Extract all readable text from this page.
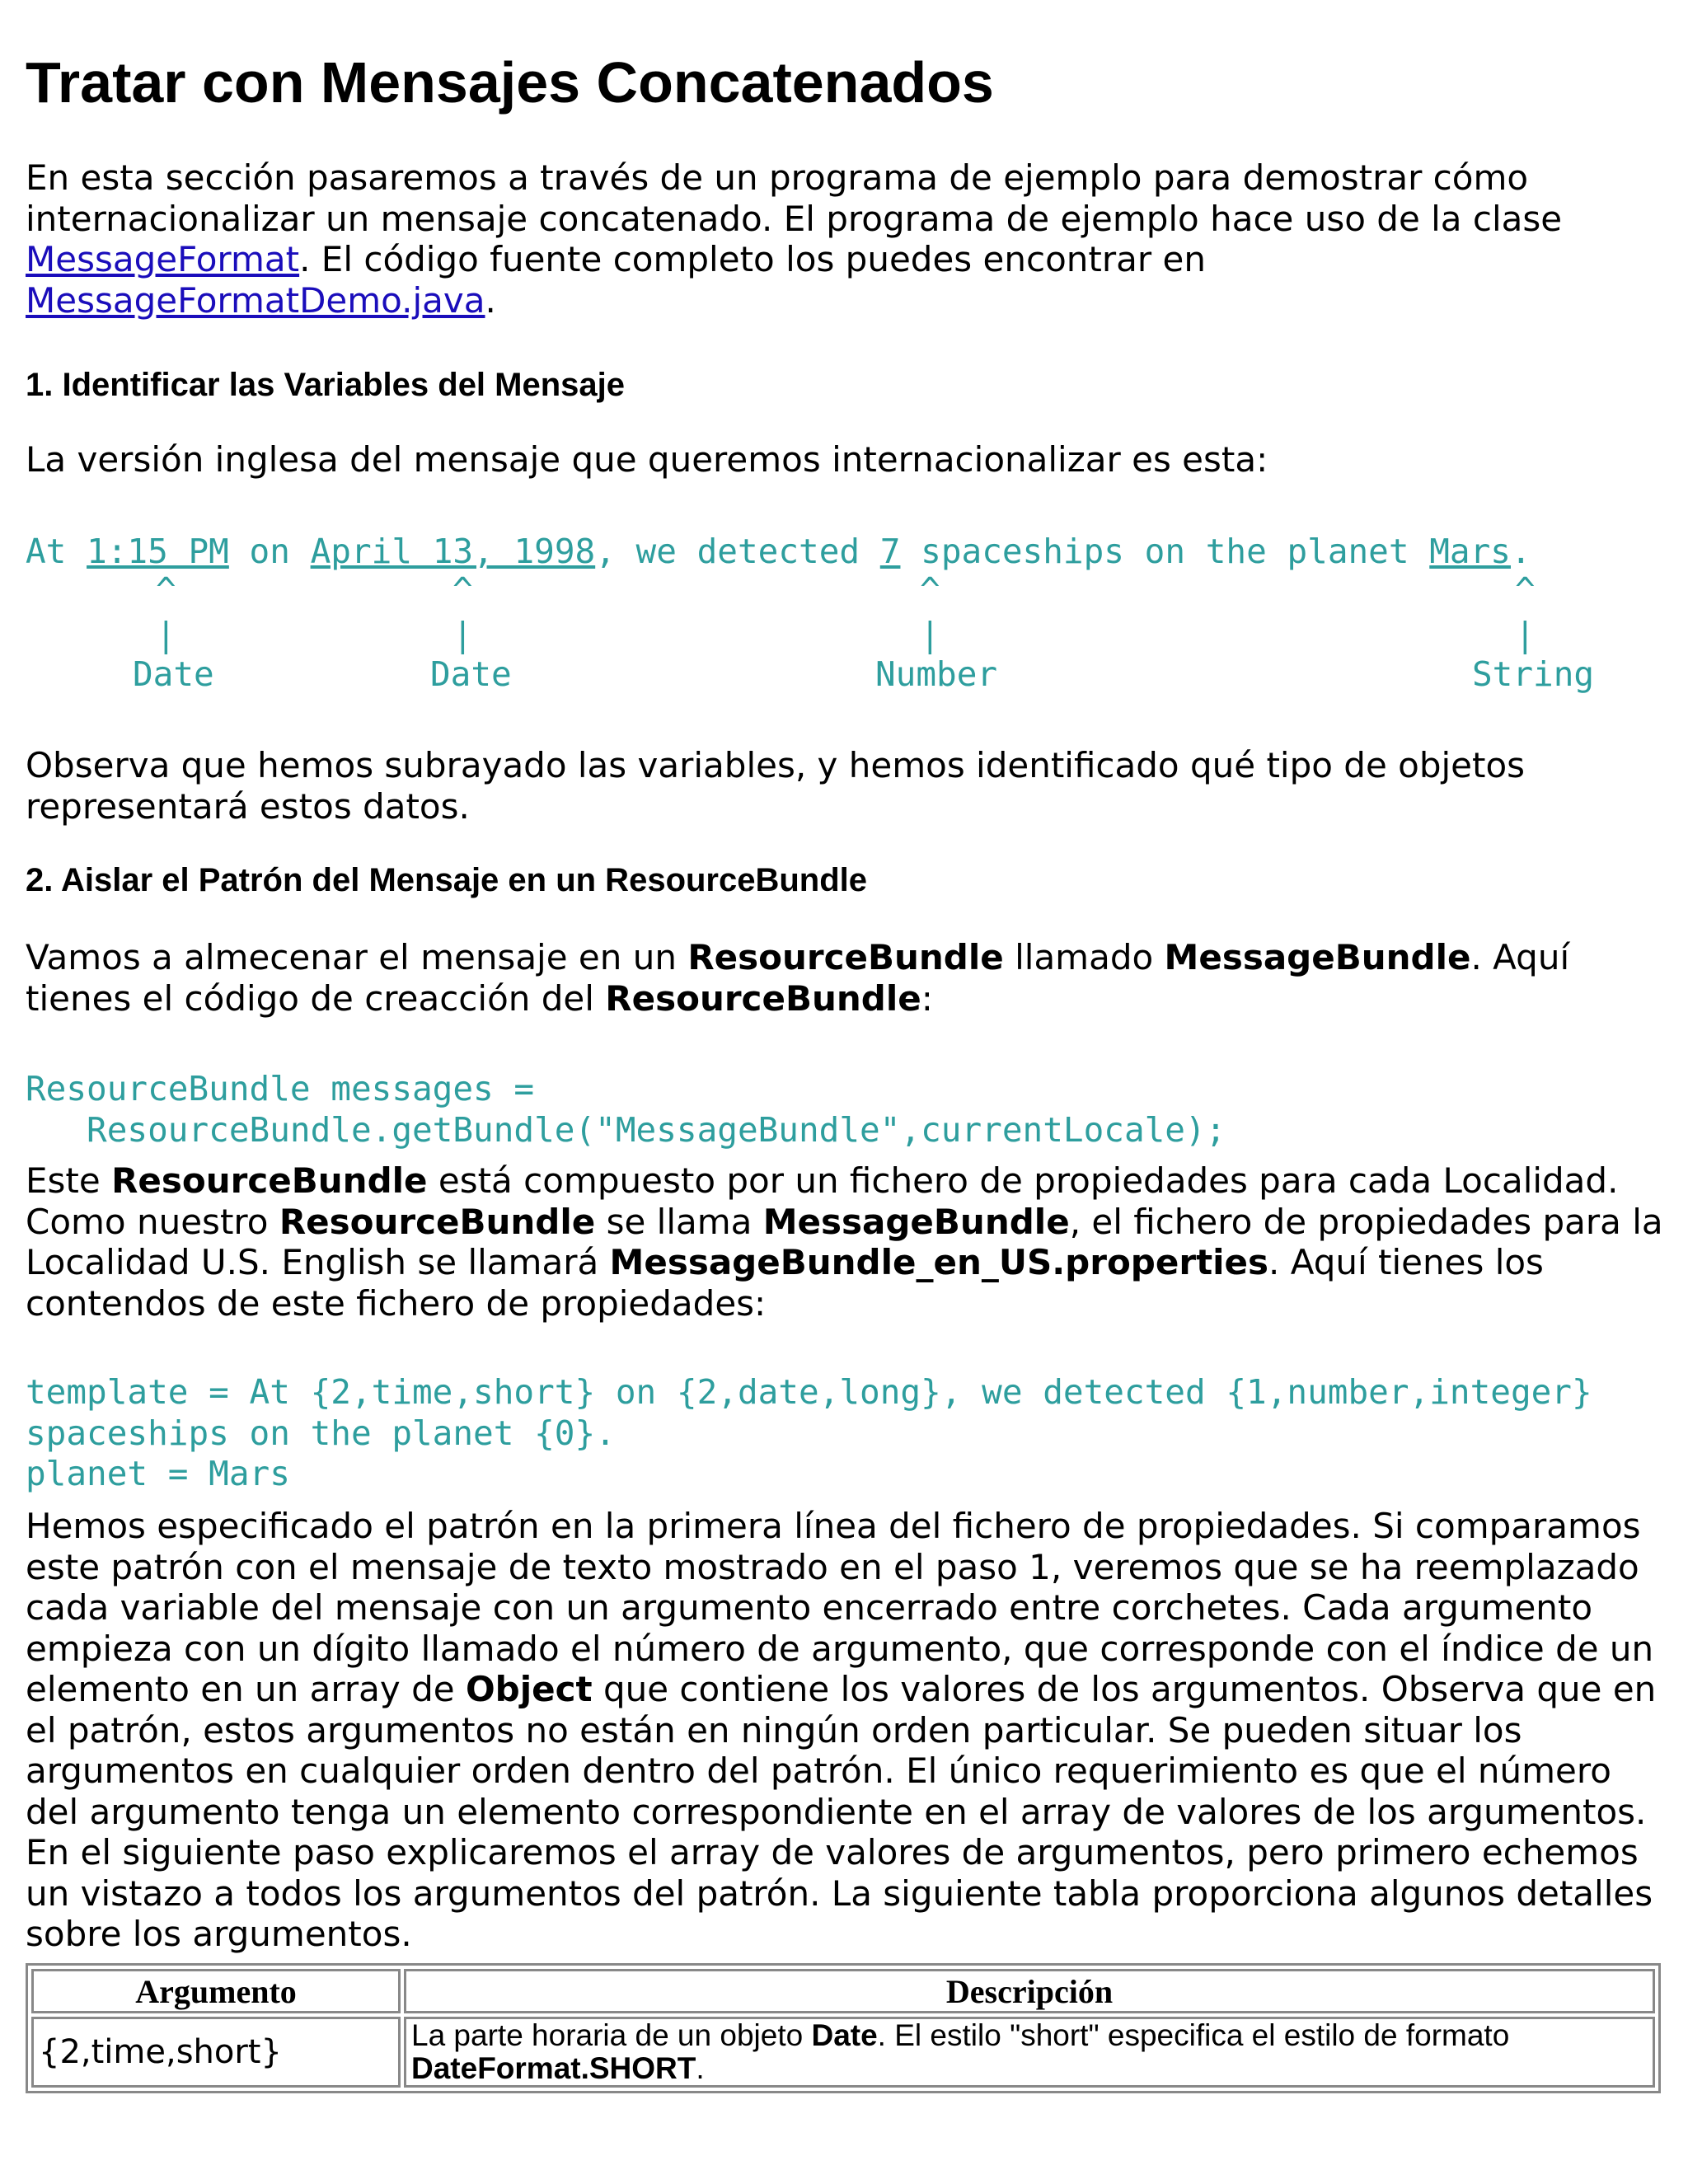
Tratar con Mensajes Concatenados
En esta sección pasaremos a través de un programa de ejemplo para demostrar cómo internacionalizar un mensaje concatenado. El programa de ejemplo hace uso de la clase MessageFormat. El código fuente completo los puedes encontrar en MessageFormatDemo.java.
1. Identificar las Variables del Mensaje
La versión inglesa del mensaje que queremos internacionalizar es esta:
At 1:15 PM on April 13, 1998, we detected 7 spaceships on the planet Mars.
^	^	^	^
|	|	|	|
Date	Date	Number	String
Observa que hemos subrayado las variables, y hemos identificado qué tipo de objetos representará estos datos.
2. Aislar el Patrón del Mensaje en un ResourceBundle
Vamos a almecenar el mensaje en un ResourceBundle llamado MessageBundle. Aquí tienes el código de creacción del ResourceBundle:
ResourceBundle messages =
ResourceBundle.getBundle("MessageBundle",currentLocale);
Este ResourceBundle está compuesto por un fichero de propiedades para cada Localidad. Como nuestro ResourceBundle se llama MessageBundle, el fichero de propiedades para la Localidad U.S. English se llamará MessageBundle_en_US.properties. Aquí tienes los contendos de este fichero de propiedades:
template = At {2,time,short} on {2,date,long}, we detected {1,number,integer}
spaceships on the planet {0}.
planet = Mars
Hemos especificado el patrón en la primera línea del fichero de propiedades. Si comparamos este patrón con el mensaje de texto mostrado en el paso 1, veremos que se ha reemplazado cada variable del mensaje con un argumento encerrado entre corchetes. Cada argumento empieza con un dígito llamado el número de argumento, que corresponde con el índice de un elemento en un array de Object que contiene los valores de los argumentos. Observa que en el patrón, estos argumentos no están en ningún orden particular. Se pueden situar los argumentos en cualquier orden dentro del patrón. El único requerimiento es que el número del argumento tenga un elemento correspondiente en el array de valores de los argumentos. En el siguiente paso explicaremos el array de valores de argumentos, pero primero echemos un vistazo a todos los argumentos del patrón. La siguiente tabla proporciona algunos detalles sobre los argumentos.
Argumento	Descripción
{2,time,short}	La parte horaria de un objeto Date. El estilo "short" especifica el estilo de formato DateFormat.SHORT.
